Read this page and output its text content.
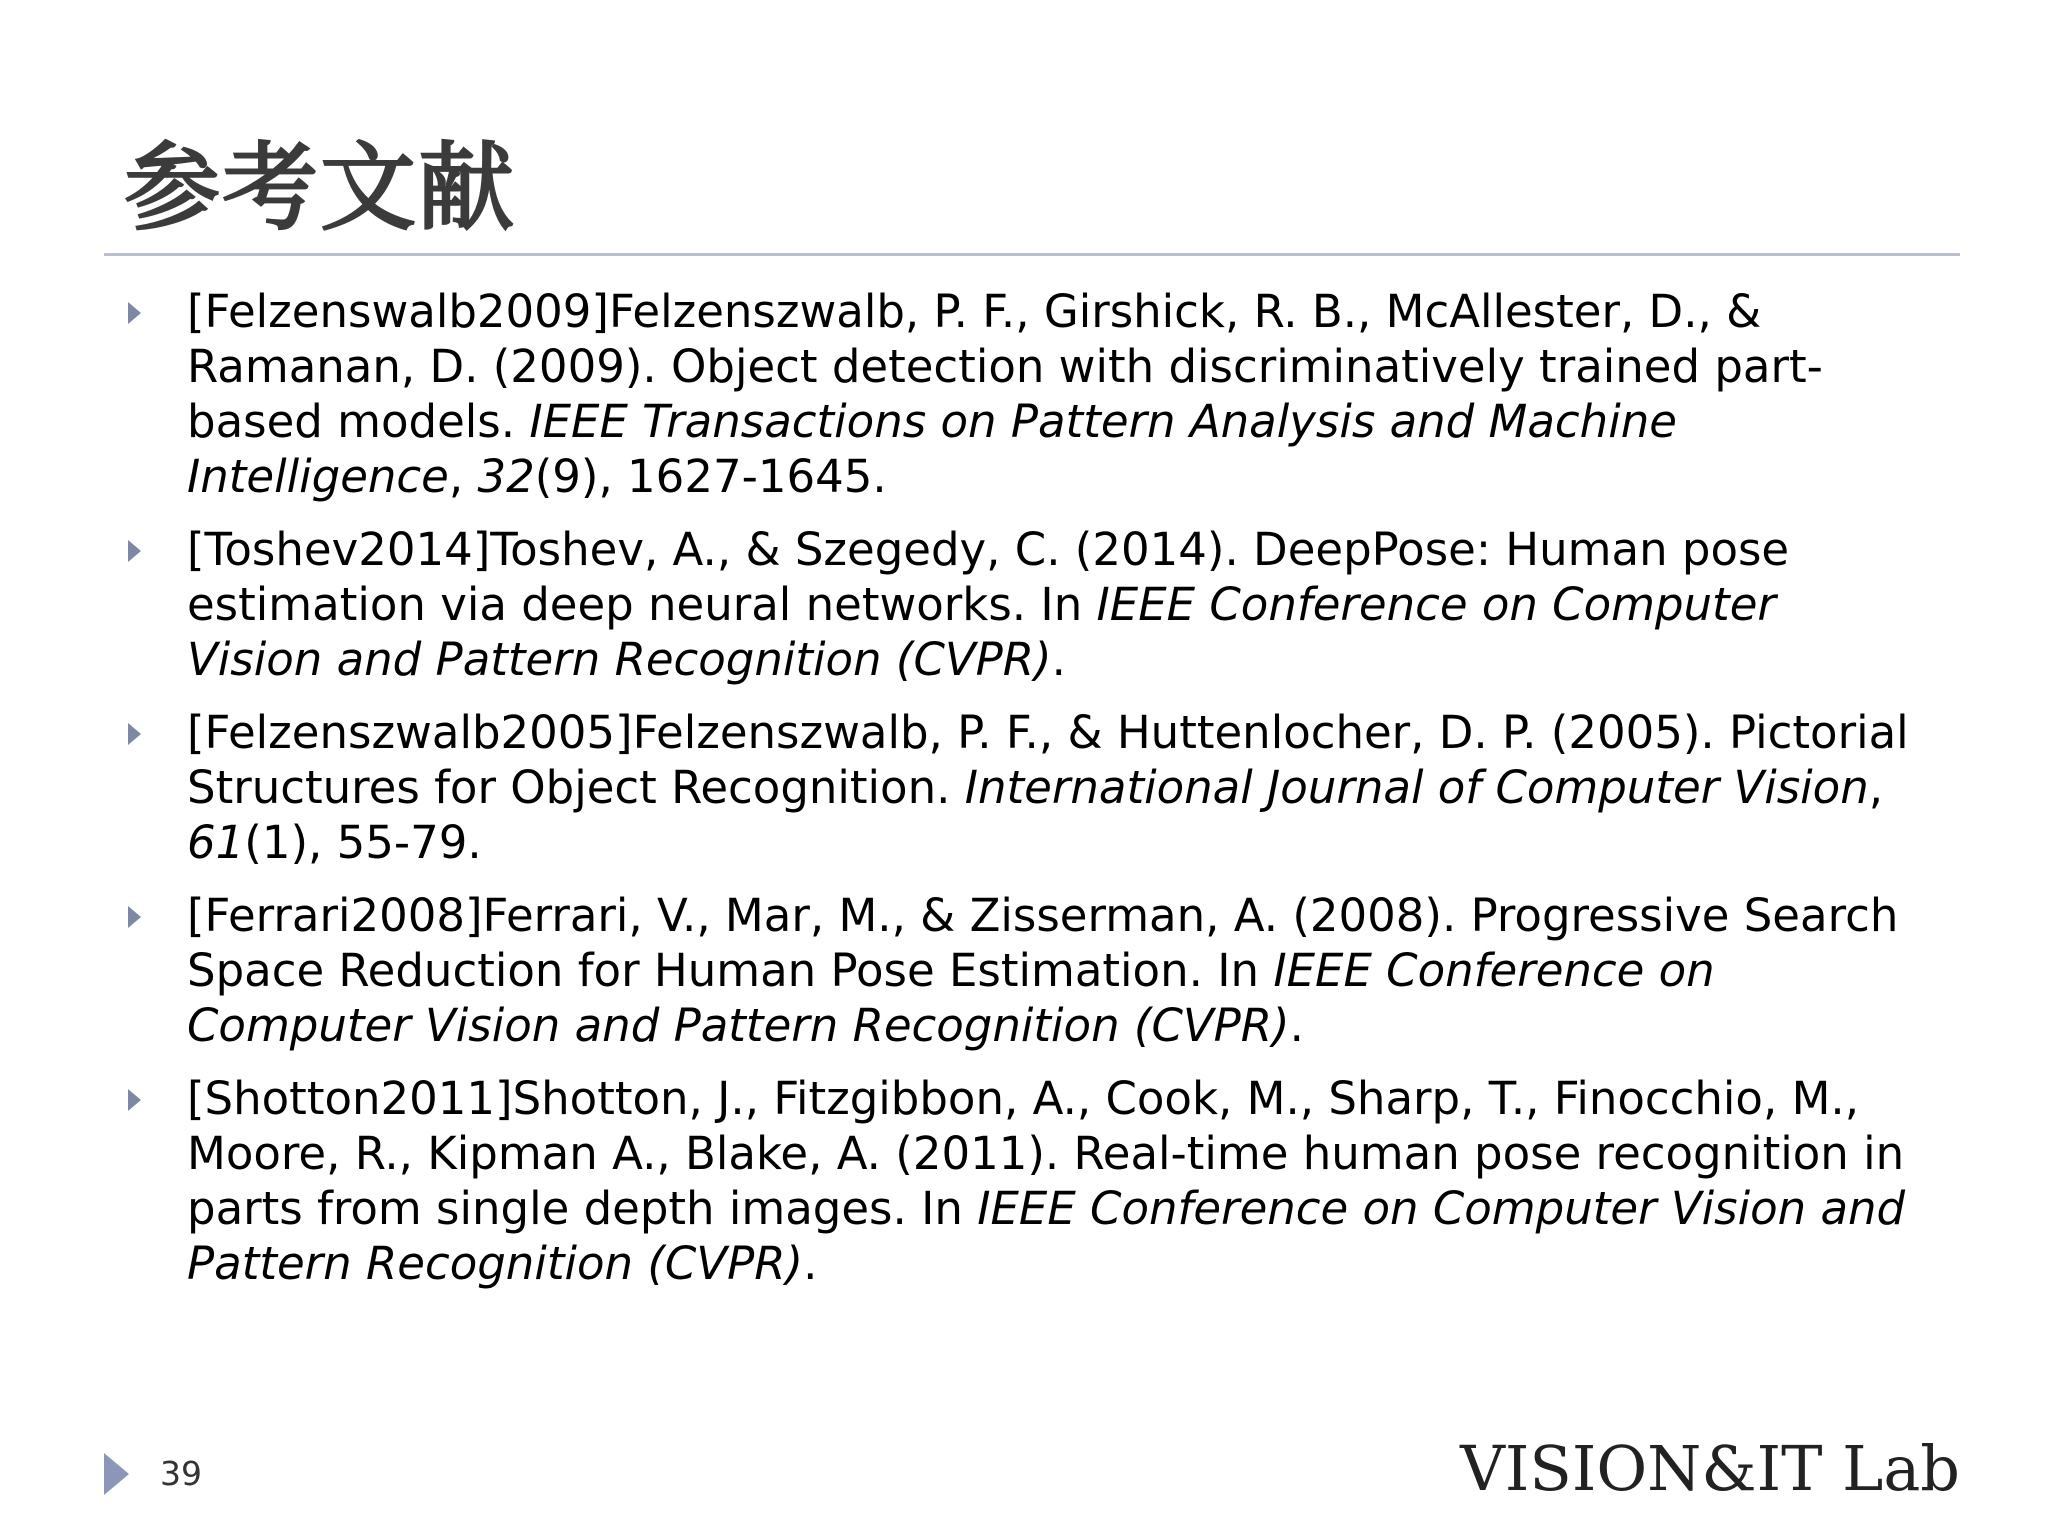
参考文献
[Felzenswalb2009]Felzenszwalb, P. F., Girshick, R. B., McAllester, D., & Ramanan, D. (2009). Object detection with discriminatively trained part-based models. IEEE Transactions on Pattern Analysis and Machine Intelligence, 32(9), 1627-1645.
[Toshev2014]Toshev, A., & Szegedy, C. (2014). DeepPose: Human pose estimation via deep neural networks. In IEEE Conference on Computer Vision and Pattern Recognition (CVPR).
[Felzenszwalb2005]Felzenszwalb, P. F., & Huttenlocher, D. P. (2005). Pictorial Structures for Object Recognition. International Journal of Computer Vision, 61(1), 55-79.
[Ferrari2008]Ferrari, V., Mar, M., & Zisserman, A. (2008). Progressive Search Space Reduction for Human Pose Estimation. In IEEE Conference on Computer Vision and Pattern Recognition (CVPR).
[Shotton2011]Shotton, J., Fitzgibbon, A., Cook, M., Sharp, T., Finocchio, M., Moore, R., Kipman A., Blake, A. (2011). Real-time human pose recognition in parts from single depth images. In IEEE Conference on Computer Vision and Pattern Recognition (CVPR).
39	VISION&IT Lab
